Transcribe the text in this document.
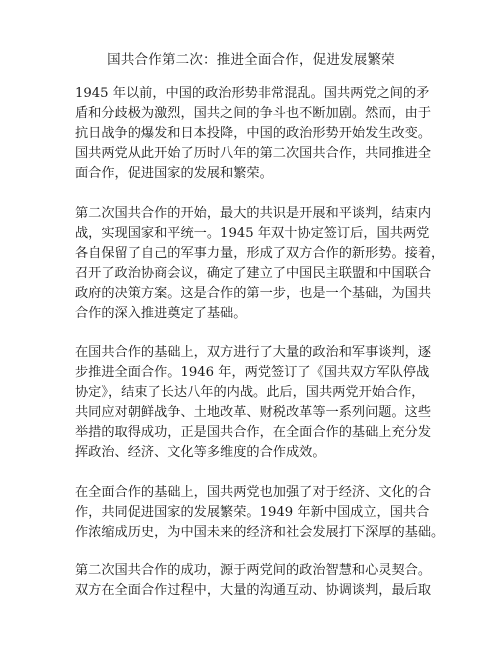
国共合作第二次：推进全面合作，促进发展繁荣
1945 年以前，中国的政治形势非常混乱。国共两党之间的矛
盾和分歧极为激烈，国共之间的争斗也不断加剧。然而，由于
抗日战争的爆发和日本投降，中国的政治形势开始发生改变。
国共两党从此开始了历时八年的第二次国共合作，共同推进全
面合作，促进国家的发展和繁荣。
第二次国共合作的开始，最大的共识是开展和平谈判，结束内
战，实现国家和平统一。1945 年双十协定签订后，国共两党
各自保留了自己的军事力量，形成了双方合作的新形势。接着，
召开了政治协商会议，确定了建立了中国民主联盟和中国联合
政府的决策方案。这是合作的第一步，也是一个基础，为国共
合作的深入推进奠定了基础。
在国共合作的基础上，双方进行了大量的政治和军事谈判，逐
步推进全面合作。1946 年，两党签订了《国共双方军队停战
协定》，结束了长达八年的内战。此后，国共两党开始合作，
共同应对朝鲜战争、土地改革、财税改革等一系列问题。这些
举措的取得成功，正是国共合作，在全面合作的基础上充分发
挥政治、经济、文化等多维度的合作成效。
在全面合作的基础上，国共两党也加强了对于经济、文化的合
作，共同促进国家的发展繁荣。1949 年新中国成立，国共合
作浓缩成历史，为中国未来的经济和社会发展打下深厚的基础。
第二次国共合作的成功，源于两党间的政治智慧和心灵契合。
双方在全面合作过程中，大量的沟通互动、协调谈判，最后取
